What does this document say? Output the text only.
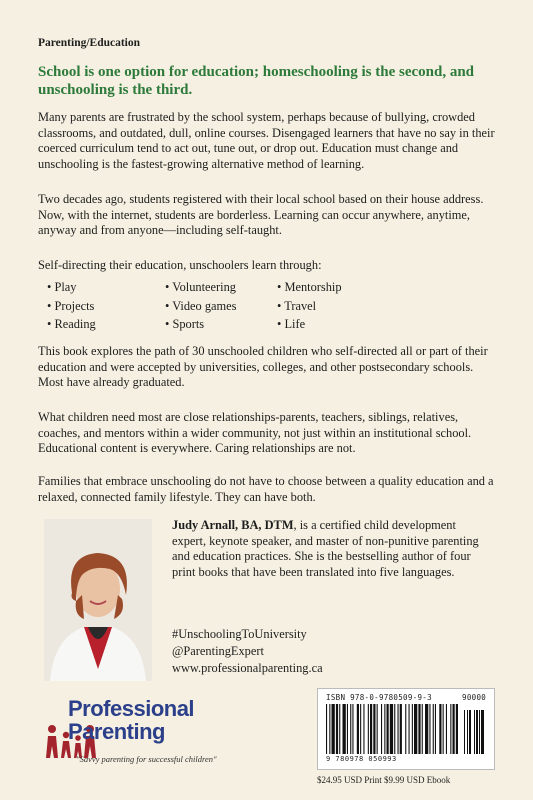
Parenting/Education
School is one option for education; homeschooling is the second, and unschooling is the third.

Many parents are frustrated by the school system, perhaps because of bullying, crowded classrooms, and outdated, dull, online courses. Disengaged learners that have no say in their coerced curriculum tend to act out, tune out, or drop out. Education must change and unschooling is the fastest-growing alternative method of learning.

Two decades ago, students registered with their local school based on their house address. Now, with the internet, students are borderless. Learning can occur anywhere, anytime, anyway and from anyone—including self-taught.

Self-directing their education, unschoolers learn through:

• Play
• Projects
• Reading
• Volunteering
• Video games
• Sports
• Mentorship
• Travel
• Life

This book explores the path of 30 unschooled children who self-directed all or part of their education and were accepted by universities, colleges, and other postsecondary schools. Most have already graduated.

What children need most are close relationships-parents, teachers, siblings, relatives, coaches, and mentors within a wider community, not just within an institutional school. Educational content is everywhere. Caring relationships are not.

Families that embrace unschooling do not have to choose between a quality education and a relaxed, connected family lifestyle. They can have both.

Judy Arnall, BA, DTM, is a certified child development expert, keynote speaker, and master of non-punitive parenting and education practices. She is the bestselling author of four print books that have been translated into five languages.

#UnschoolingToUniversity
@ParentingExpert
www.professionalparenting.ca
Professional
Parenting
"Savvy parenting for successful children"
ISBN 978-0-9780509-9-3	90000
9 780978 050993
$24.95 USD Print $9.99 USD Ebook
